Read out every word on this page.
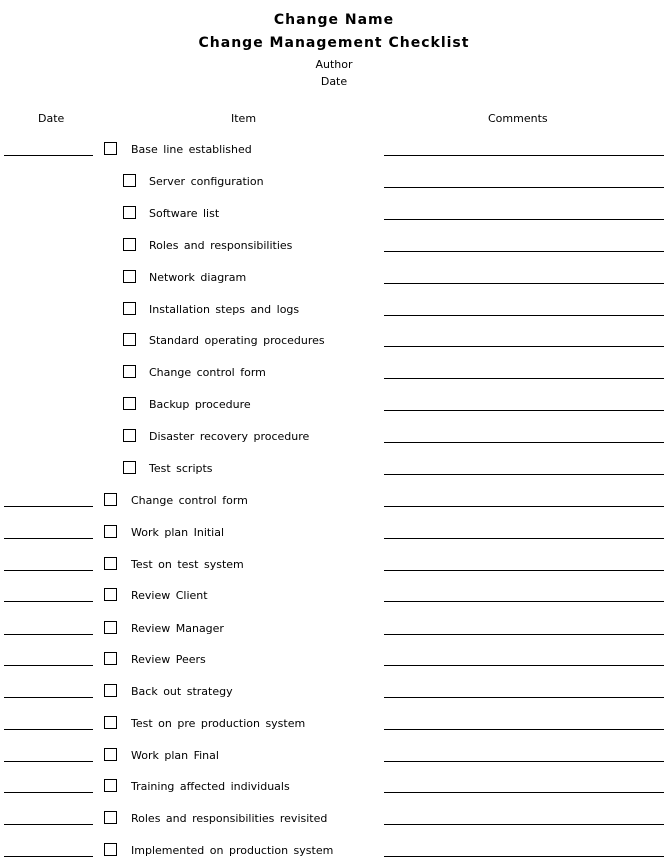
Change Name
Change Management Checklist
Author
Date
Date	Item	Comments
Base line established
Server configuration
Software list
Roles and responsibilities
Network diagram
Installation steps and logs
Standard operating procedures
Change control form
Backup procedure
Disaster recovery procedure
Test scripts
Change control form
Work plan Initial
Test on test system
Review Client
Review Manager
Review Peers
Back out strategy
Test on pre production system
Work plan Final
Training affected individuals
Roles and responsibilities revisited
Implemented on production system
